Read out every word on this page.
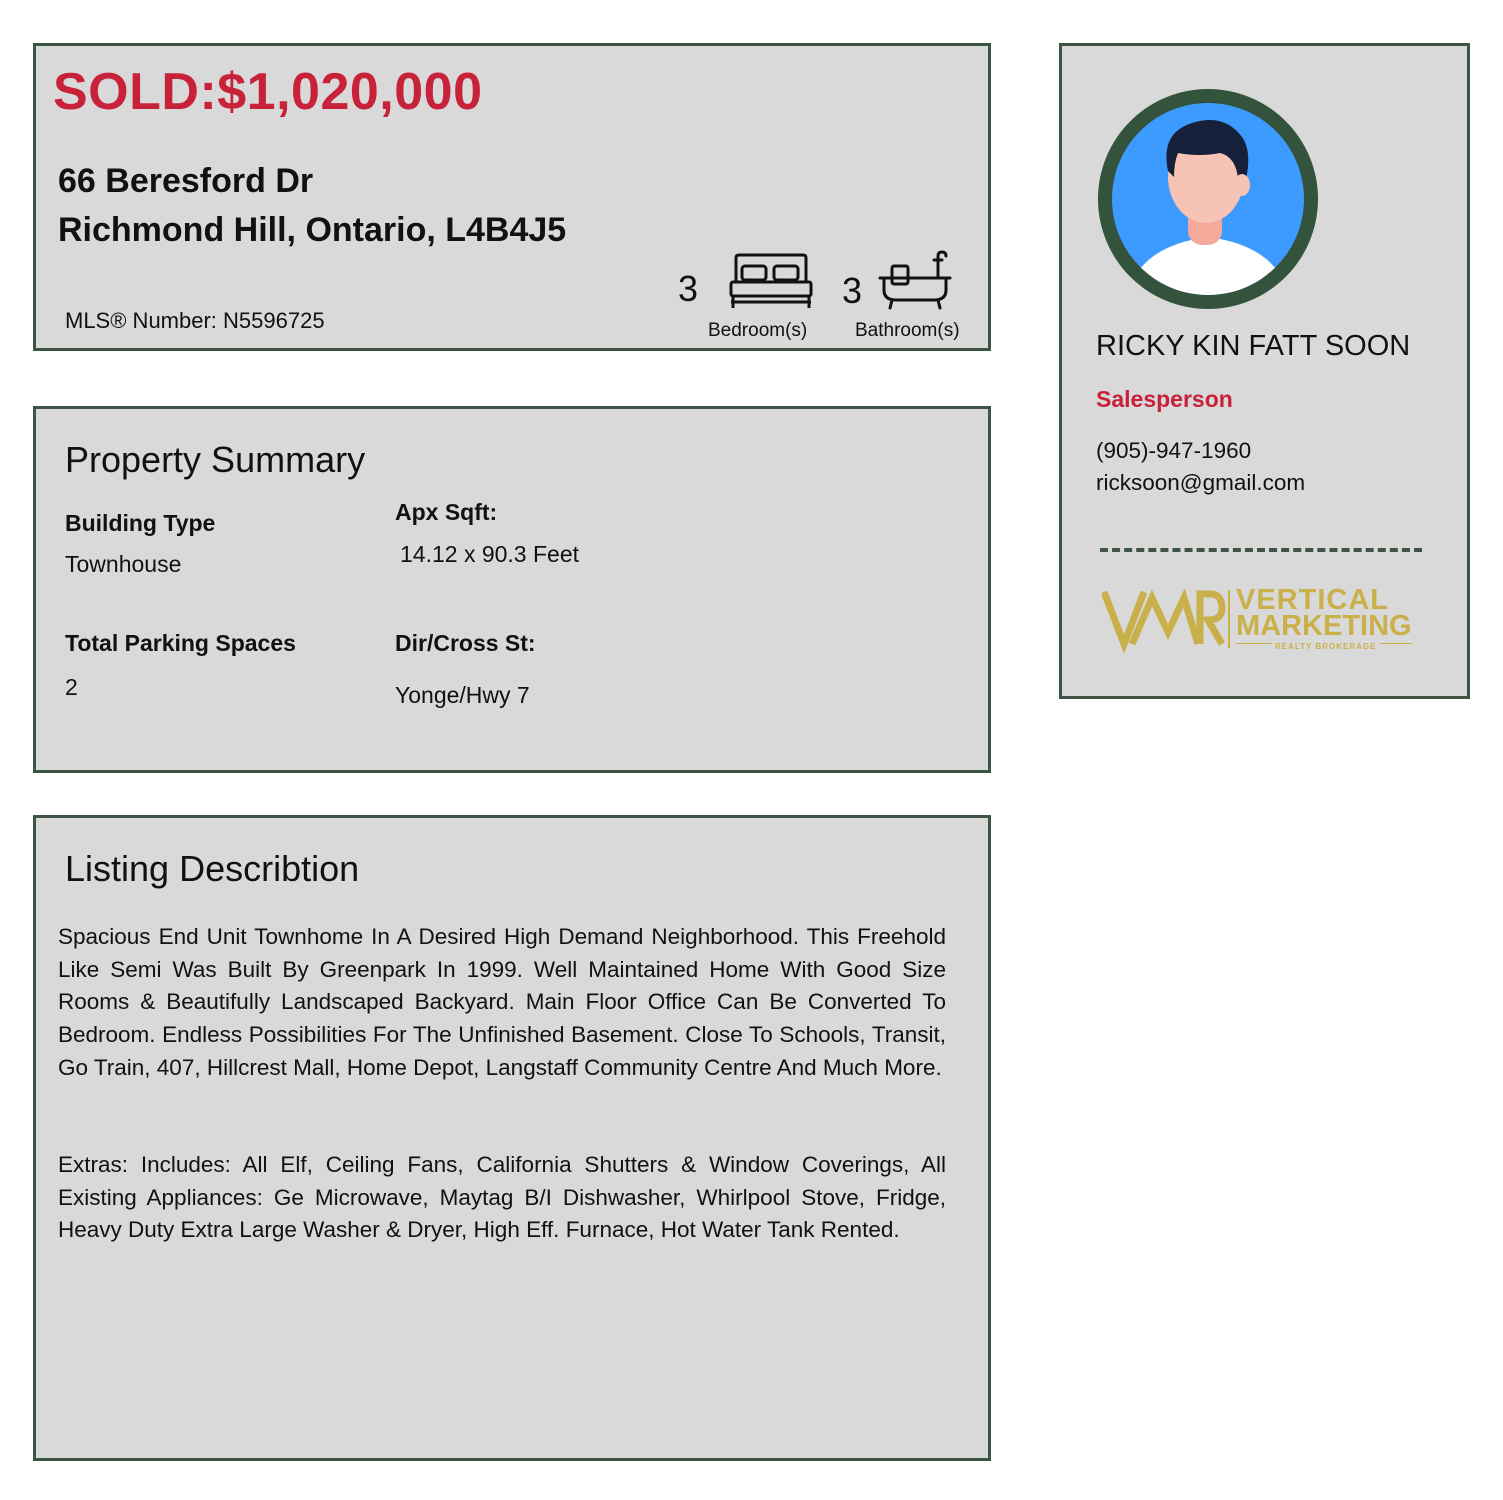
SOLD:$1,020,000
66 Beresford Dr
Richmond Hill, Ontario, L4B4J5
MLS® Number: N5596725
3
Bedroom(s)
3
Bathroom(s)
Property Summary
Building Type
Townhouse
Apx Sqft:
14.12 x 90.3 Feet
Total Parking Spaces
2
Dir/Cross St:
Yonge/Hwy 7
Listing Describtion
Spacious End Unit Townhome In A Desired High Demand Neighborhood. This Freehold Like Semi Was Built By Greenpark In 1999. Well Maintained Home With Good Size Rooms & Beautifully Landscaped Backyard. Main Floor Office Can Be Converted To Bedroom. Endless Possibilities For The Unfinished Basement. Close To Schools, Transit, Go Train, 407, Hillcrest Mall, Home Depot, Langstaff Community Centre And Much More.
Extras: Includes: All Elf, Ceiling Fans, California Shutters & Window Coverings, All Existing Appliances: Ge Microwave, Maytag B/I Dishwasher, Whirlpool Stove, Fridge, Heavy Duty Extra Large Washer & Dryer, High Eff. Furnace, Hot Water Tank Rented.
RICKY KIN FATT SOON
Salesperson
(905)-947-1960
ricksoon@gmail.com
VERTICAL
MARKETING
REALTY BROKERAGE
